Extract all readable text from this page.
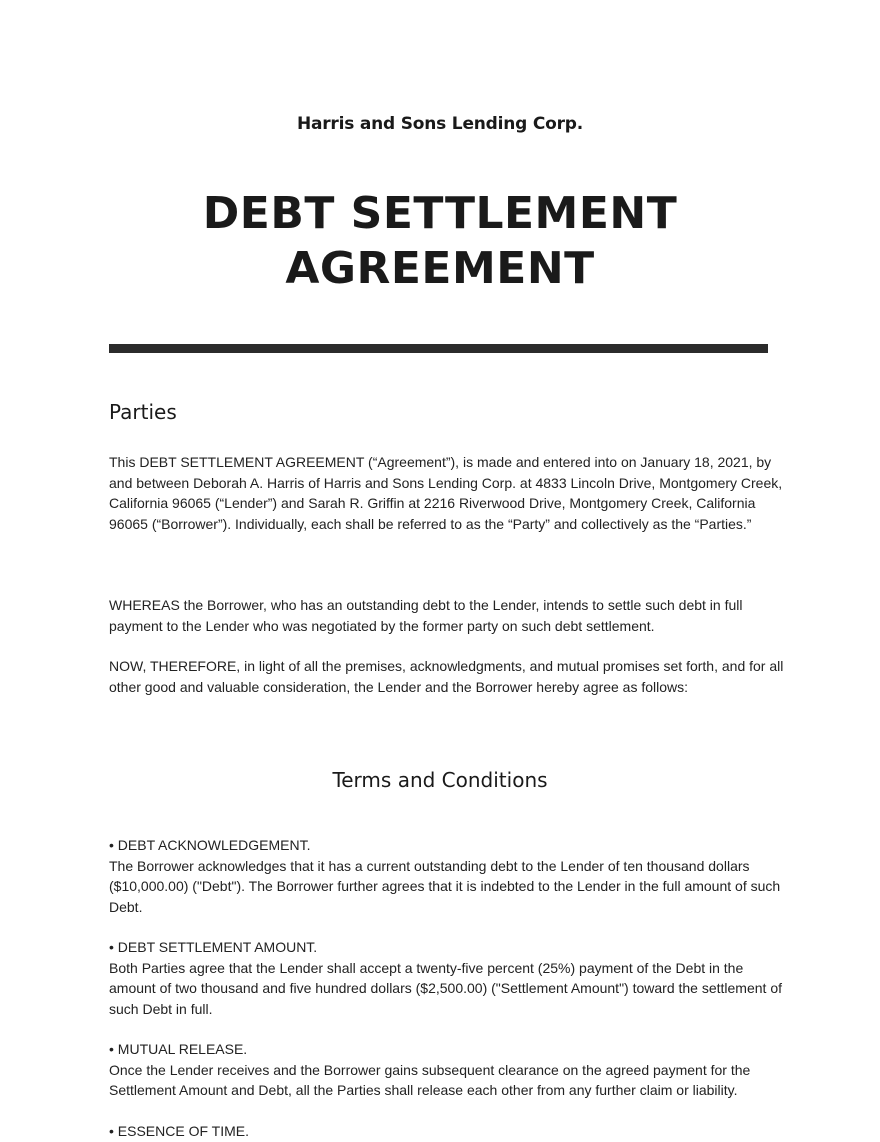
Harris and Sons Lending Corp.
DEBT SETTLEMENT
AGREEMENT
Parties
This DEBT SETTLEMENT AGREEMENT (“Agreement”), is made and entered into on January 18, 2021, by and between Deborah A. Harris of Harris and Sons Lending Corp. at 4833 Lincoln Drive, Montgomery Creek, California 96065 (“Lender”) and Sarah R. Griffin at 2216 Riverwood Drive, Montgomery Creek, California 96065 (“Borrower”). Individually, each shall be referred to as the “Party” and collectively as the “Parties.”
WHEREAS the Borrower, who has an outstanding debt to the Lender, intends to settle such debt in full payment to the Lender who was negotiated by the former party on such debt settlement.
NOW, THEREFORE, in light of all the premises, acknowledgments, and mutual promises set forth, and for all other good and valuable consideration, the Lender and the Borrower hereby agree as follows:
Terms and Conditions
• DEBT ACKNOWLEDGEMENT.
The Borrower acknowledges that it has a current outstanding debt to the Lender of ten thousand dollars ($10,000.00) ("Debt"). The Borrower further agrees that it is indebted to the Lender in the full amount of such Debt.
• DEBT SETTLEMENT AMOUNT.
Both Parties agree that the Lender shall accept a twenty-five percent (25%) payment of the Debt in the amount of two thousand and five hundred dollars ($2,500.00) ("Settlement Amount") toward the settlement of such Debt in full.
• MUTUAL RELEASE.
Once the Lender receives and the Borrower gains subsequent clearance on the agreed payment for the Settlement Amount and Debt, all the Parties shall release each other from any further claim or liability.
• ESSENCE OF TIME.
